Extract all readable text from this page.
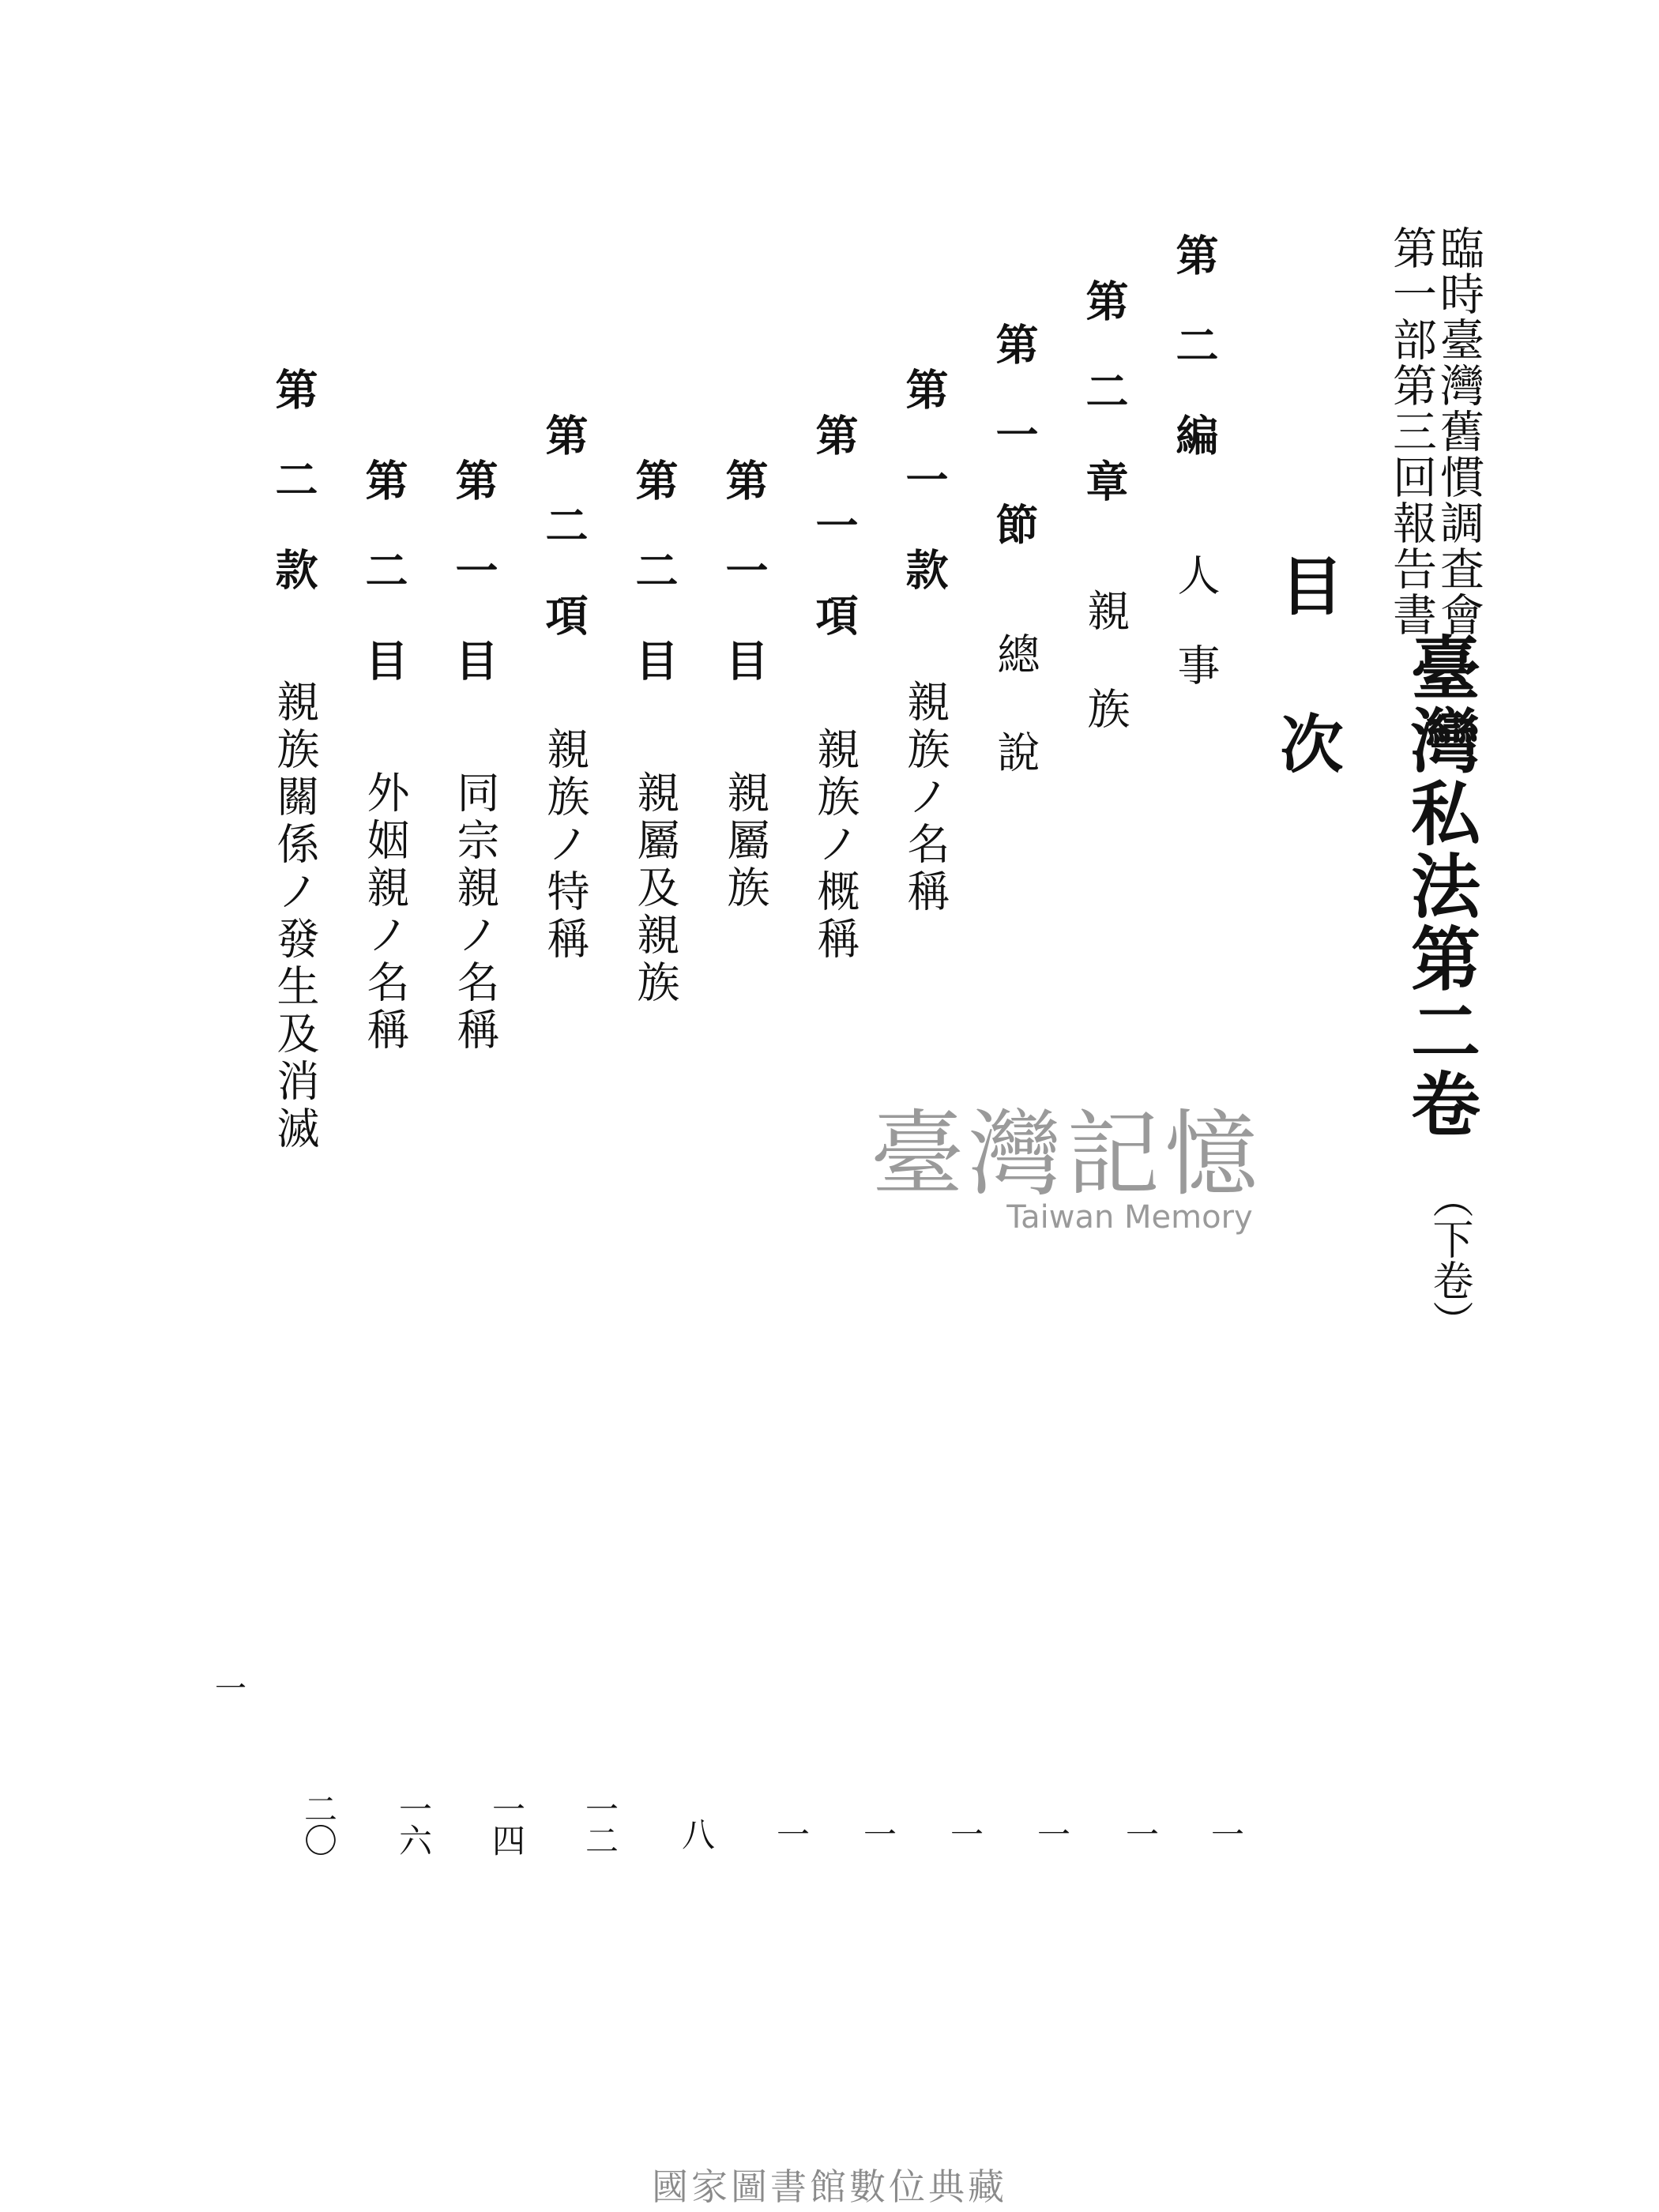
臨時臺灣舊慣調査會
第一部第三回報告書
臺灣私法第二卷
（下卷）
目次
第二編
人事
一
第二章
親族
一
第一節
總說
一
第一款
親族ノ名稱
一
第一項
親族ノ概稱
一
第一目
親屬族
一
第二目
親屬及親族
八
第二項
親族ノ特稱
一二
第一目
同宗親ノ名稱
一四
第二目
外姻親ノ名稱
一六
第二款
親族關係ノ發生及消滅
二〇
一
臺灣記憶
Taiwan Memory
國家圖書館數位典藏
